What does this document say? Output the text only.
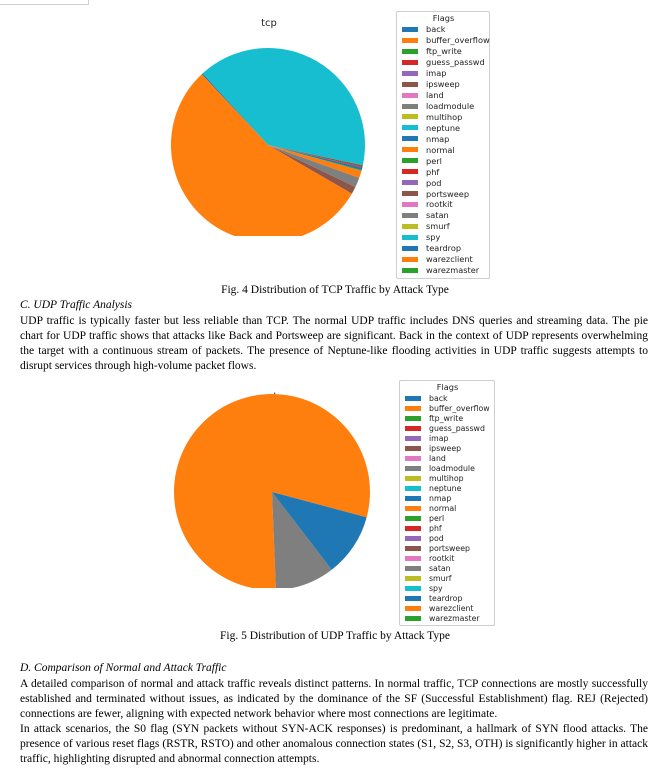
tcp	Flags
back
buffer_overflow
ftp_write
guess_passwd
imap
ipsweep
land
loadmodule
multihop
neptune
nmap
normal
perl
phf
pod
portsweep
rootkit
satan
smurf
spy
teardrop
warezclient
warezmaster
Fig. 4 Distribution of TCP Traffic by Attack Type
C. UDP Traffic Analysis

UDP traffic is typically faster but less reliable than TCP. The normal UDP traffic includes DNS queries and streaming data. The pie chart for UDP traffic shows that attacks like Back and Portsweep are significant. Back in the context of UDP represents overwhelming the target with a continuous stream of packets. The presence of Neptune-like flooding activities in UDP traffic suggests attempts to disrupt services through high-volume packet flows.

Flags
back
buffer_overflow
ftp_write
guess_passwd
imap
ipsweep
land
loadmodule
multihop
neptune
nmap
normal
perl
phf
pod
portsweep
rootkit
satan
smurf
spy
teardrop
warezclient
warezmaster
Fig. 5 Distribution of UDP Traffic by Attack Type
D. Comparison of Normal and Attack Traffic

A detailed comparison of normal and attack traffic reveals distinct patterns. In normal traffic, TCP connections are mostly successfully established and terminated without issues, as indicated by the dominance of the SF (Successful Establishment) flag. REJ (Rejected) connections are fewer, aligning with expected network behavior where most connections are legitimate.

In attack scenarios, the S0 flag (SYN packets without SYN-ACK responses) is predominant, a hallmark of SYN flood attacks. The presence of various reset flags (RSTR, RSTO) and other anomalous connection states (S1, S2, S3, OTH) is significantly higher in attack traffic, highlighting disrupted and abnormal connection attempts.
